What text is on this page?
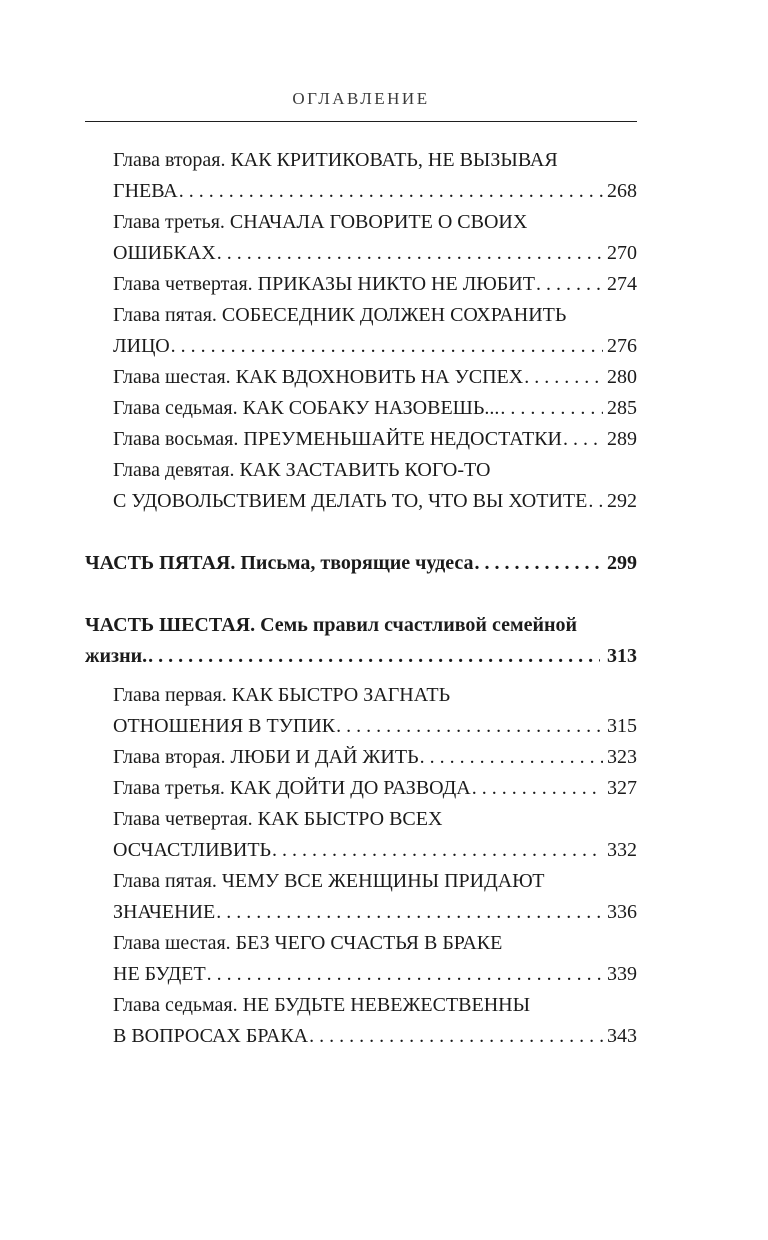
ОГЛАВЛЕНИЕ
Глава вторая. КАК КРИТИКОВАТЬ, НЕ ВЫЗЫВАЯ
ГНЕВА . . .	268
Глава третья. СНАЧАЛА ГОВОРИТЕ О СВОИХ
ОШИБКАХ . . .	270
Глава четвертая. ПРИКАЗЫ НИКТО НЕ ЛЮБИТ . . .	274
Глава пятая. СОБЕСЕДНИК ДОЛЖЕН СОХРАНИТЬ
ЛИЦО . . .	276
Глава шестая. КАК ВДОХНОВИТЬ НА УСПЕХ . . .	280
Глава седьмая. КАК СОБАКУ НАЗОВЕШЬ... . . .	285
Глава восьмая. ПРЕУМЕНЬШАЙТЕ НЕДОСТАТКИ . . . 289
Глава девятая. КАК ЗАСТАВИТЬ КОГО-ТО
С УДОВОЛЬСТВИЕМ ДЕЛАТЬ ТО, ЧТО ВЫ ХОТИТЕ . . . 292
ЧАСТЬ ПЯТАЯ. Письма, творящие чудеса . . .	299
ЧАСТЬ ШЕСТАЯ. Семь правил счастливой семейной
жизни. . . .	313
Глава первая. КАК БЫСТРО ЗАГНАТЬ
ОТНОШЕНИЯ В ТУПИК . . .	315
Глава вторая. ЛЮБИ И ДАЙ ЖИТЬ . . .	323
Глава третья. КАК ДОЙТИ ДО РАЗВОДА . . .	327
Глава четвертая. КАК БЫСТРО ВСЕХ
ОСЧАСТЛИВИТЬ . . .	332
Глава пятая. ЧЕМУ ВСЕ ЖЕНЩИНЫ ПРИДАЮТ
ЗНАЧЕНИЕ . . .	336
Глава шестая. БЕЗ ЧЕГО СЧАСТЬЯ В БРАКЕ
НЕ БУДЕТ . . .	339
Глава седьмая. НЕ БУДЬТЕ НЕВЕЖЕСТВЕННЫ
В ВОПРОСАХ БРАКА . . .	343
